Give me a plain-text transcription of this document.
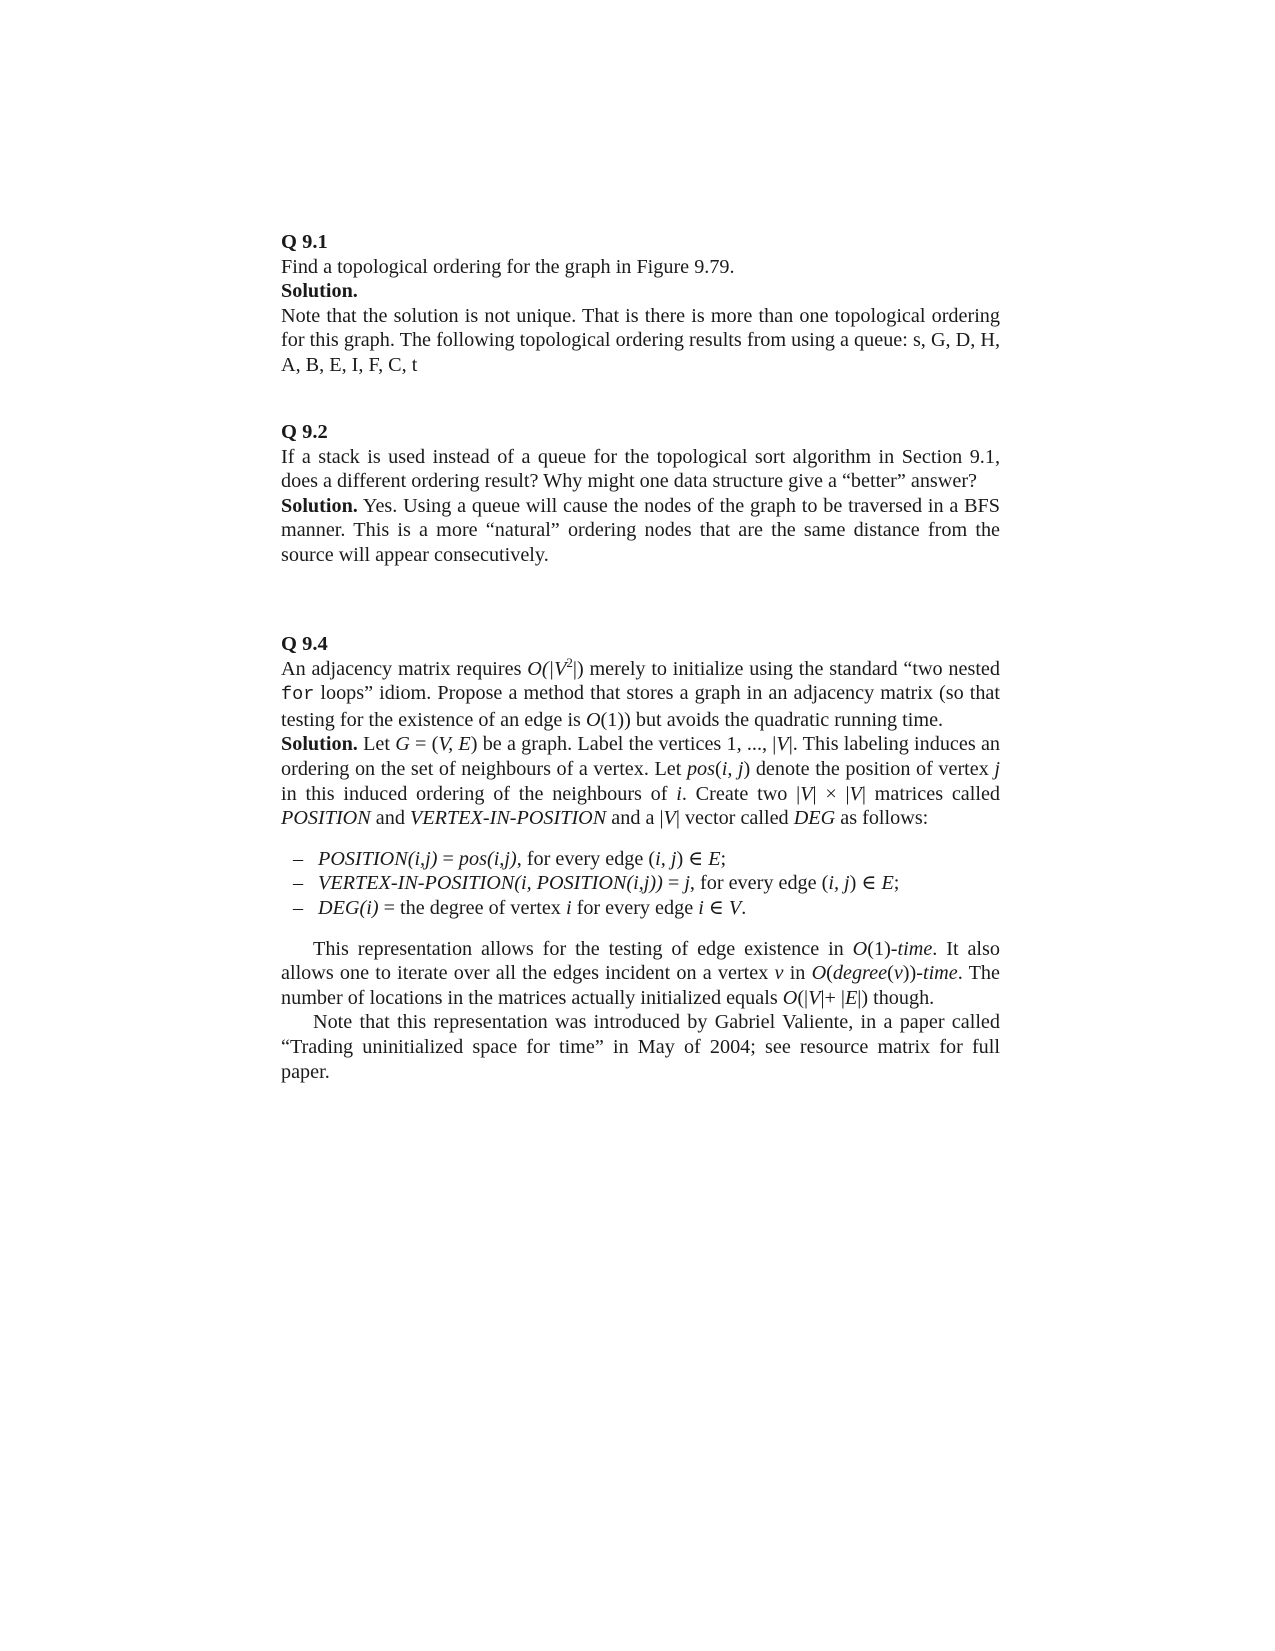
Q 9.1
Find a topological ordering for the graph in Figure 9.79.
Solution.
Note that the solution is not unique. That is there is more than one topological ordering for this graph. The following topological ordering results from using a queue: s, G, D, H, A, B, E, I, F, C, t
Q 9.2
If a stack is used instead of a queue for the topological sort algorithm in Section 9.1, does a different ordering result? Why might one data structure give a “better” answer?
Solution. Yes. Using a queue will cause the nodes of the graph to be traversed in a BFS manner. This is a more “natural” ordering nodes that are the same distance from the source will appear consecutively.
Q 9.4
An adjacency matrix requires $O(|V^2|)$ merely to initialize using the standard “two nested for loops” idiom. Propose a method that stores a graph in an adjacency matrix (so that testing for the existence of an edge is O(1)) but avoids the quadratic running time.
Solution. Let G = (V, E) be a graph. Label the vertices 1, ..., |V|. This labeling induces an ordering on the set of neighbours of a vertex. Let pos(i, j) denote the position of vertex j in this induced ordering of the neighbours of i. Create two |V| × |V| matrices called POSITION and VERTEX-IN-POSITION and a |V| vector called DEG as follows:
– POSITION(i,j) = pos(i,j), for every edge (i, j) ∈ E;
– VERTEX-IN-POSITION(i, POSITION(i,j)) = j, for every edge (i, j) ∈ E;
– DEG(i) = the degree of vertex i for every edge i ∈ V.
This representation allows for the testing of edge existence in O(1)-time. It also allows one to iterate over all the edges incident on a vertex v in O(degree(v))-time. The number of locations in the matrices actually initialized equals O(|V|+ |E|) though.
Note that this representation was introduced by Gabriel Valiente, in a paper called “Trading uninitialized space for time” in May of 2004; see resource matrix for full paper.
